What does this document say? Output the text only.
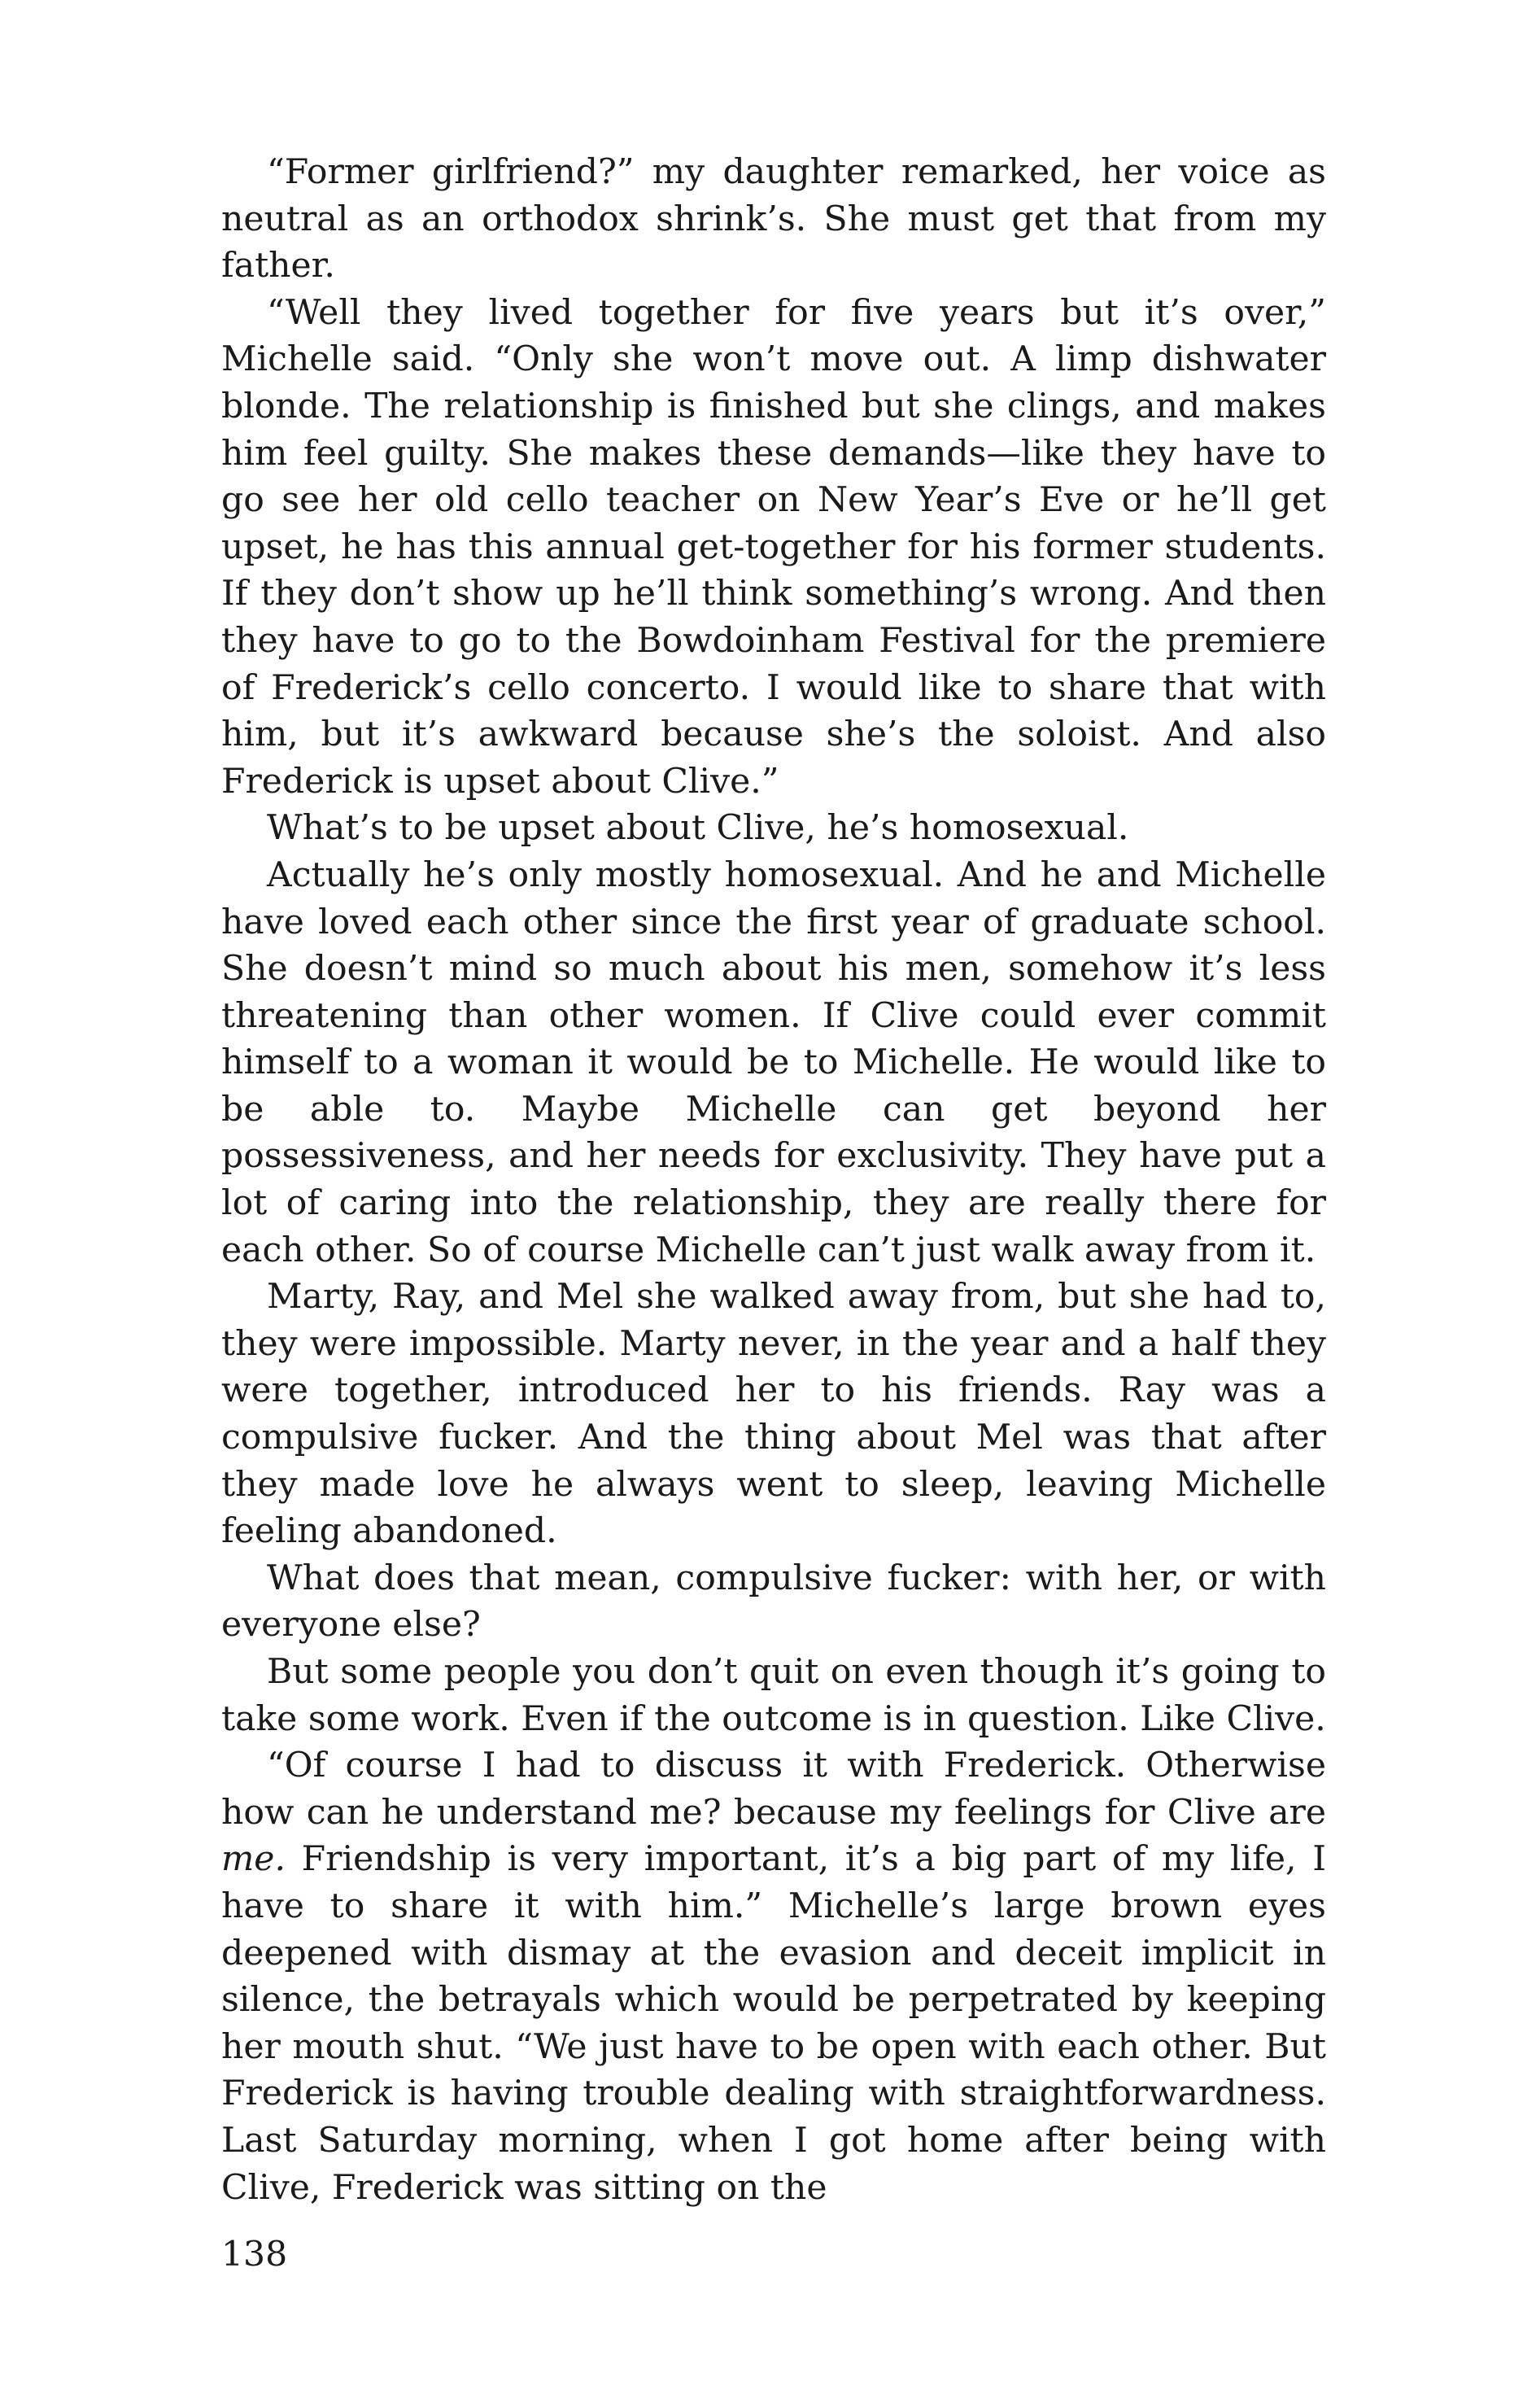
“Former girlfriend?” my daughter remarked, her voice as neutral as an orthodox shrink’s. She must get that from my father.

“Well they lived together for five years but it’s over,” Michelle said. “Only she won’t move out. A limp dishwater blonde. The relationship is finished but she clings, and makes him feel guilty. She makes these demands—like they have to go see her old cello teacher on New Year’s Eve or he’ll get upset, he has this annual get-together for his former students. If they don’t show up he’ll think something’s wrong. And then they have to go to the Bowdoinham Festival for the premiere of Frederick’s cello concerto. I would like to share that with him, but it’s awkward because she’s the soloist. And also Frederick is upset about Clive.”

What’s to be upset about Clive, he’s homosexual.

Actually he’s only mostly homosexual. And he and Michelle have loved each other since the first year of graduate school. She doesn’t mind so much about his men, somehow it’s less threatening than other women. If Clive could ever commit himself to a woman it would be to Michelle. He would like to be able to. Maybe Michelle can get beyond her possessiveness, and her needs for exclusivity. They have put a lot of caring into the relationship, they are really there for each other. So of course Michelle can’t just walk away from it.

Marty, Ray, and Mel she walked away from, but she had to, they were impossible. Marty never, in the year and a half they were together, introduced her to his friends. Ray was a compulsive fucker. And the thing about Mel was that after they made love he always went to sleep, leaving Michelle feeling abandoned.

What does that mean, compulsive fucker: with her, or with everyone else?

But some people you don’t quit on even though it’s going to take some work. Even if the outcome is in question. Like Clive.

“Of course I had to discuss it with Frederick. Otherwise how can he understand me? because my feelings for Clive are me. Friendship is very important, it’s a big part of my life, I have to share it with him.” Michelle’s large brown eyes deepened with dismay at the evasion and deceit implicit in silence, the betrayals which would be perpetrated by keeping her mouth shut. “We just have to be open with each other. But Frederick is having trouble dealing with straightforwardness. Last Saturday morning, when I got home after being with Clive, Frederick was sitting on the

138
